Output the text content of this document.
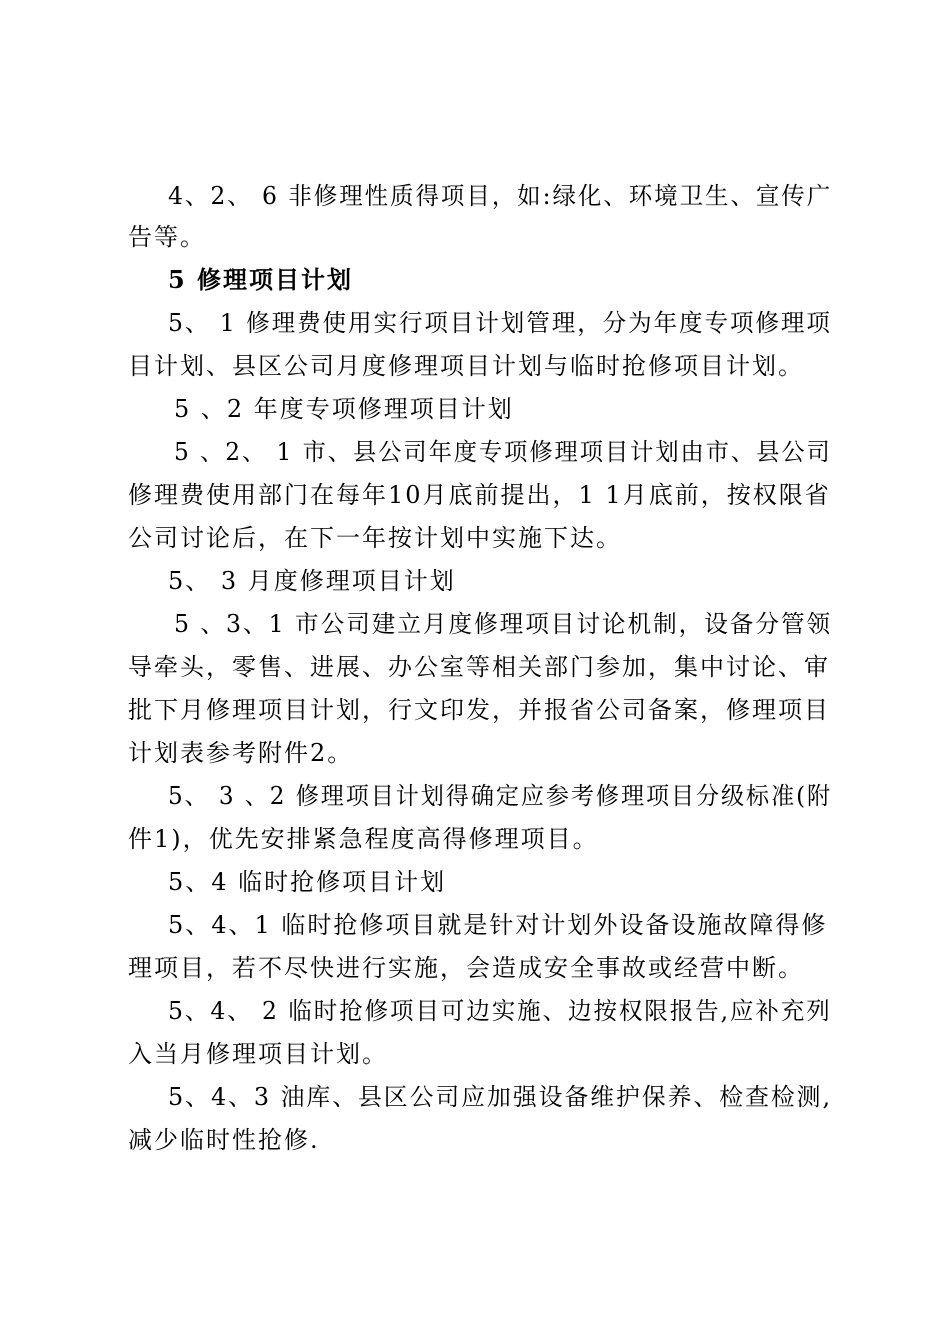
4、2、 6 非修理性质得项目，如:绿化、环境卫生、宣传广
告等。
5 修理项目计划
5、 1 修理费使用实行项目计划管理，分为年度专项修理项
目计划、县区公司月度修理项目计划与临时抢修项目计划。
5 、2 年度专项修理项目计划
5 、2、 1 市、县公司年度专项修理项目计划由市、县公司
修理费使用部门在每年10月底前提出，1 1月底前，按权限省
公司讨论后，在下一年按计划中实施下达。
5、 3 月度修理项目计划
5 、3、1 市公司建立月度修理项目讨论机制，设备分管领
导牵头，零售、进展、办公室等相关部门参加，集中讨论、审
批下月修理项目计划，行文印发，并报省公司备案，修理项目
计划表参考附件2。
5、 3 、2 修理项目计划得确定应参考修理项目分级标准(附
件1)，优先安排紧急程度高得修理项目。
5、4 临时抢修项目计划
5、4、1 临时抢修项目就是针对计划外设备设施故障得修
理项目，若不尽快进行实施，会造成安全事故或经营中断。
5、4、 2 临时抢修项目可边实施、边按权限报告,应补充列
入当月修理项目计划。
5、4、3 油库、县区公司应加强设备维护保养、检查检测,
减少临时性抢修.
